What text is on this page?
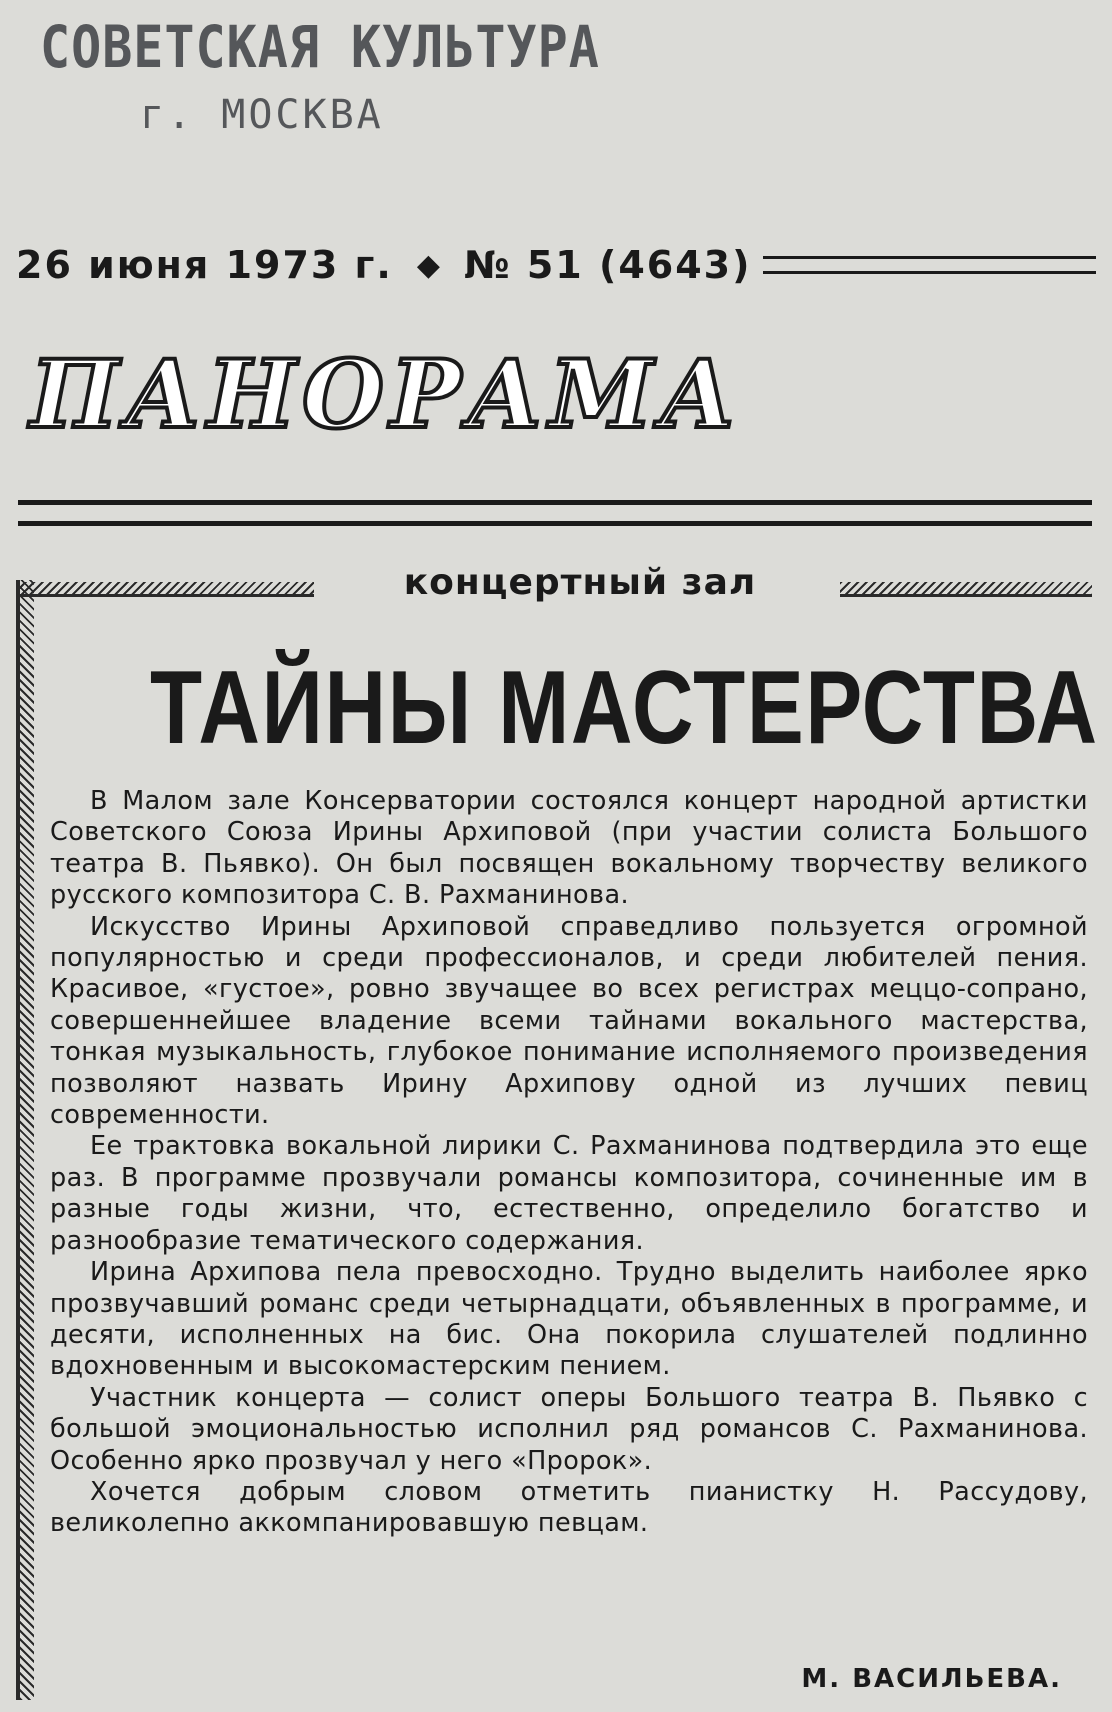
СОВЕТСКАЯ КУЛЬТУРА
г. МОСКВА
26 июня 1973 г. ◆ № 51 (4643)
ПАНОРАМА
концертный зал
ТАЙНЫ МАСТЕРСТВА

В Малом зале Консерватории состоялся концерт народной артистки Советского Союза Ирины Архиповой (при участии солиста Большого театра В. Пьявко). Он был посвящен вокальному творчеству великого русского композитора С. В. Рахманинова.

Искусство Ирины Архиповой справедливо пользуется огромной популярностью и среди профессионалов, и среди любителей пения. Красивое, «густое», ровно звучащее во всех регистрах меццо-сопрано, совершеннейшее владение всеми тайнами вокального мастерства, тонкая музыкальность, глубокое понимание исполняемого произведения позволяют назвать Ирину Архипову одной из лучших певиц современности.

Ее трактовка вокальной лирики С. Рахманинова подтвердила это еще раз. В программе прозвучали романсы композитора, сочиненные им в разные годы жизни, что, естественно, определило богатство и разнообразие тематического содержания.

Ирина Архипова пела превосходно. Трудно выделить наиболее ярко прозвучавший романс среди четырнадцати, объявленных в программе, и десяти, исполненных на бис. Она покорила слушателей подлинно вдохновенным и высокомастерским пением.

Участник концерта — солист оперы Большого театра В. Пьявко с большой эмоциональностью исполнил ряд романсов С. Рахманинова. Особенно ярко прозвучал у него «Пророк».

Хочется добрым словом отметить пианистку Н. Рассудову, великолепно аккомпанировавшую певцам.

М. ВАСИЛЬЕВА.
